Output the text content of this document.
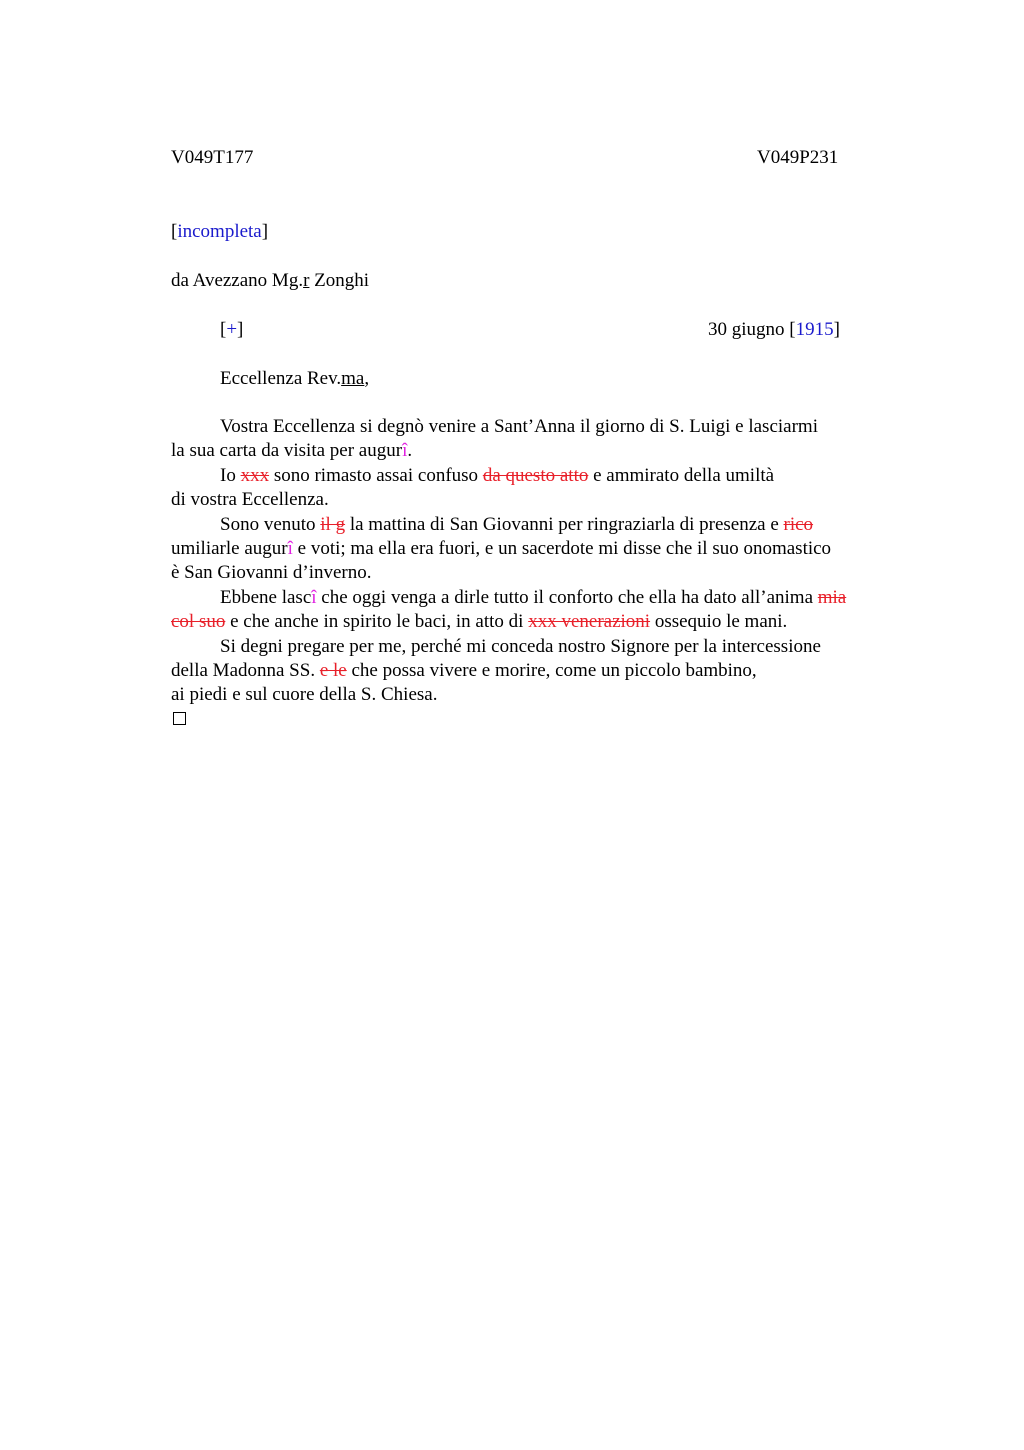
V049T177	V049P231
[incompleta]
da Avezzano Mg.r Zonghi
[+]	30 giugno [1915]
Eccellenza Rev.ma,
Vostra Eccellenza si degnò venire a Sant’Anna il giorno di S. Luigi e lasciarmi
la sua carta da visita per augurî.
Io xxx sono rimasto assai confuso da questo atto e ammirato della umiltà
di vostra Eccellenza.
Sono venuto il g la mattina di San Giovanni per ringraziarla di presenza e rico
umiliarle augurî e voti; ma ella era fuori, e un sacerdote mi disse che il suo onomastico
è San Giovanni d’inverno.
Ebbene lascî che oggi venga a dirle tutto il conforto che ella ha dato all’anima mia
col suo e che anche in spirito le baci, in atto di xxx venerazioni ossequio le mani.
Si degni pregare per me, perché mi conceda nostro Signore per la intercessione
della Madonna SS. e le che possa vivere e morire, come un piccolo bambino,
ai piedi e sul cuore della S. Chiesa.
